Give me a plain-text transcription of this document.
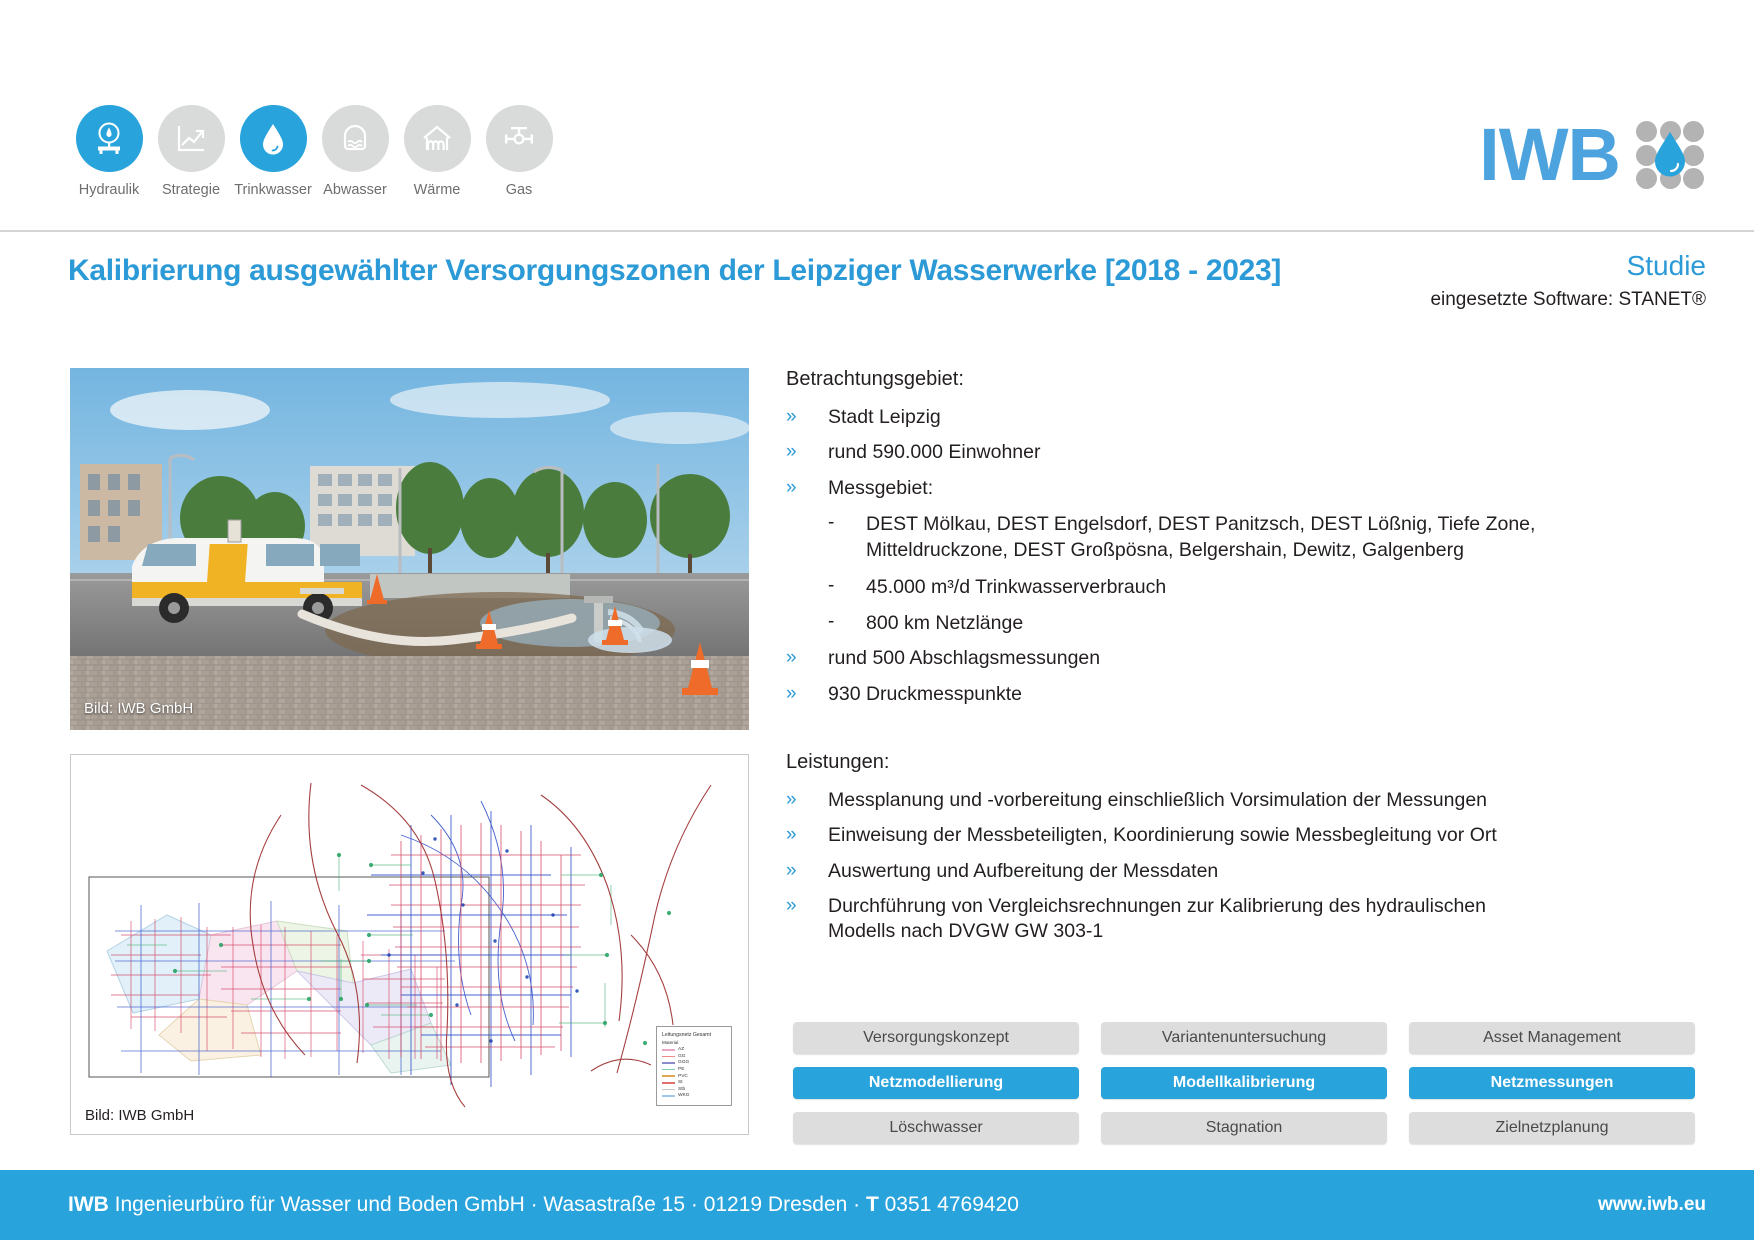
Hydraulik Strategie Trinkwasser Abwasser Wärme	Gas	IWB
Kalibrierung ausgewählter Versorgungszonen der Leipziger Wasserwerke [2018 - 2023]	Studie
eingesetzte Software: STANET®
Bild: IWB GmbH
Leitungsnetz Gesamt
Material
AZ
GG
GGG
PE
PVC
St
Stb
WKG
Bild: IWB GmbH
Betrachtungsgebiet:
»	Stadt Leipzig
»	rund 590.000 Einwohner
»	Messgebiet:
-	DEST Mölkau, DEST Engelsdorf, DEST Panitzsch, DEST Lößnig, Tiefe Zone, Mitteldruckzone, DEST Großpösna, Belgershain, Dewitz, Galgenberg
-	45.000 m³/d Trinkwasserverbrauch
-	800 km Netzlänge
»	rund 500 Abschlagsmessungen
»	930 Druckmesspunkte
Leistungen:
»	Messplanung und -vorbereitung einschließlich Vorsimulation der Messungen
»	Einweisung der Messbeteiligten, Koordinierung sowie Messbegleitung vor Ort
»	Auswertung und Aufbereitung der Messdaten
»	Durchführung von Vergleichsrechnungen zur Kalibrierung des hydraulischen Modells nach DVGW GW 303-1
Versorgungskonzept	Variantenuntersuchung	Asset Management
Netzmodellierung	Modellkalibrierung	Netzmessungen
Löschwasser	Stagnation	Zielnetzplanung
IWB Ingenieurbüro für Wasser und Boden GmbH · Wasastraße 15 · 01219 Dresden · T 0351 4769420	www.iwb.eu
